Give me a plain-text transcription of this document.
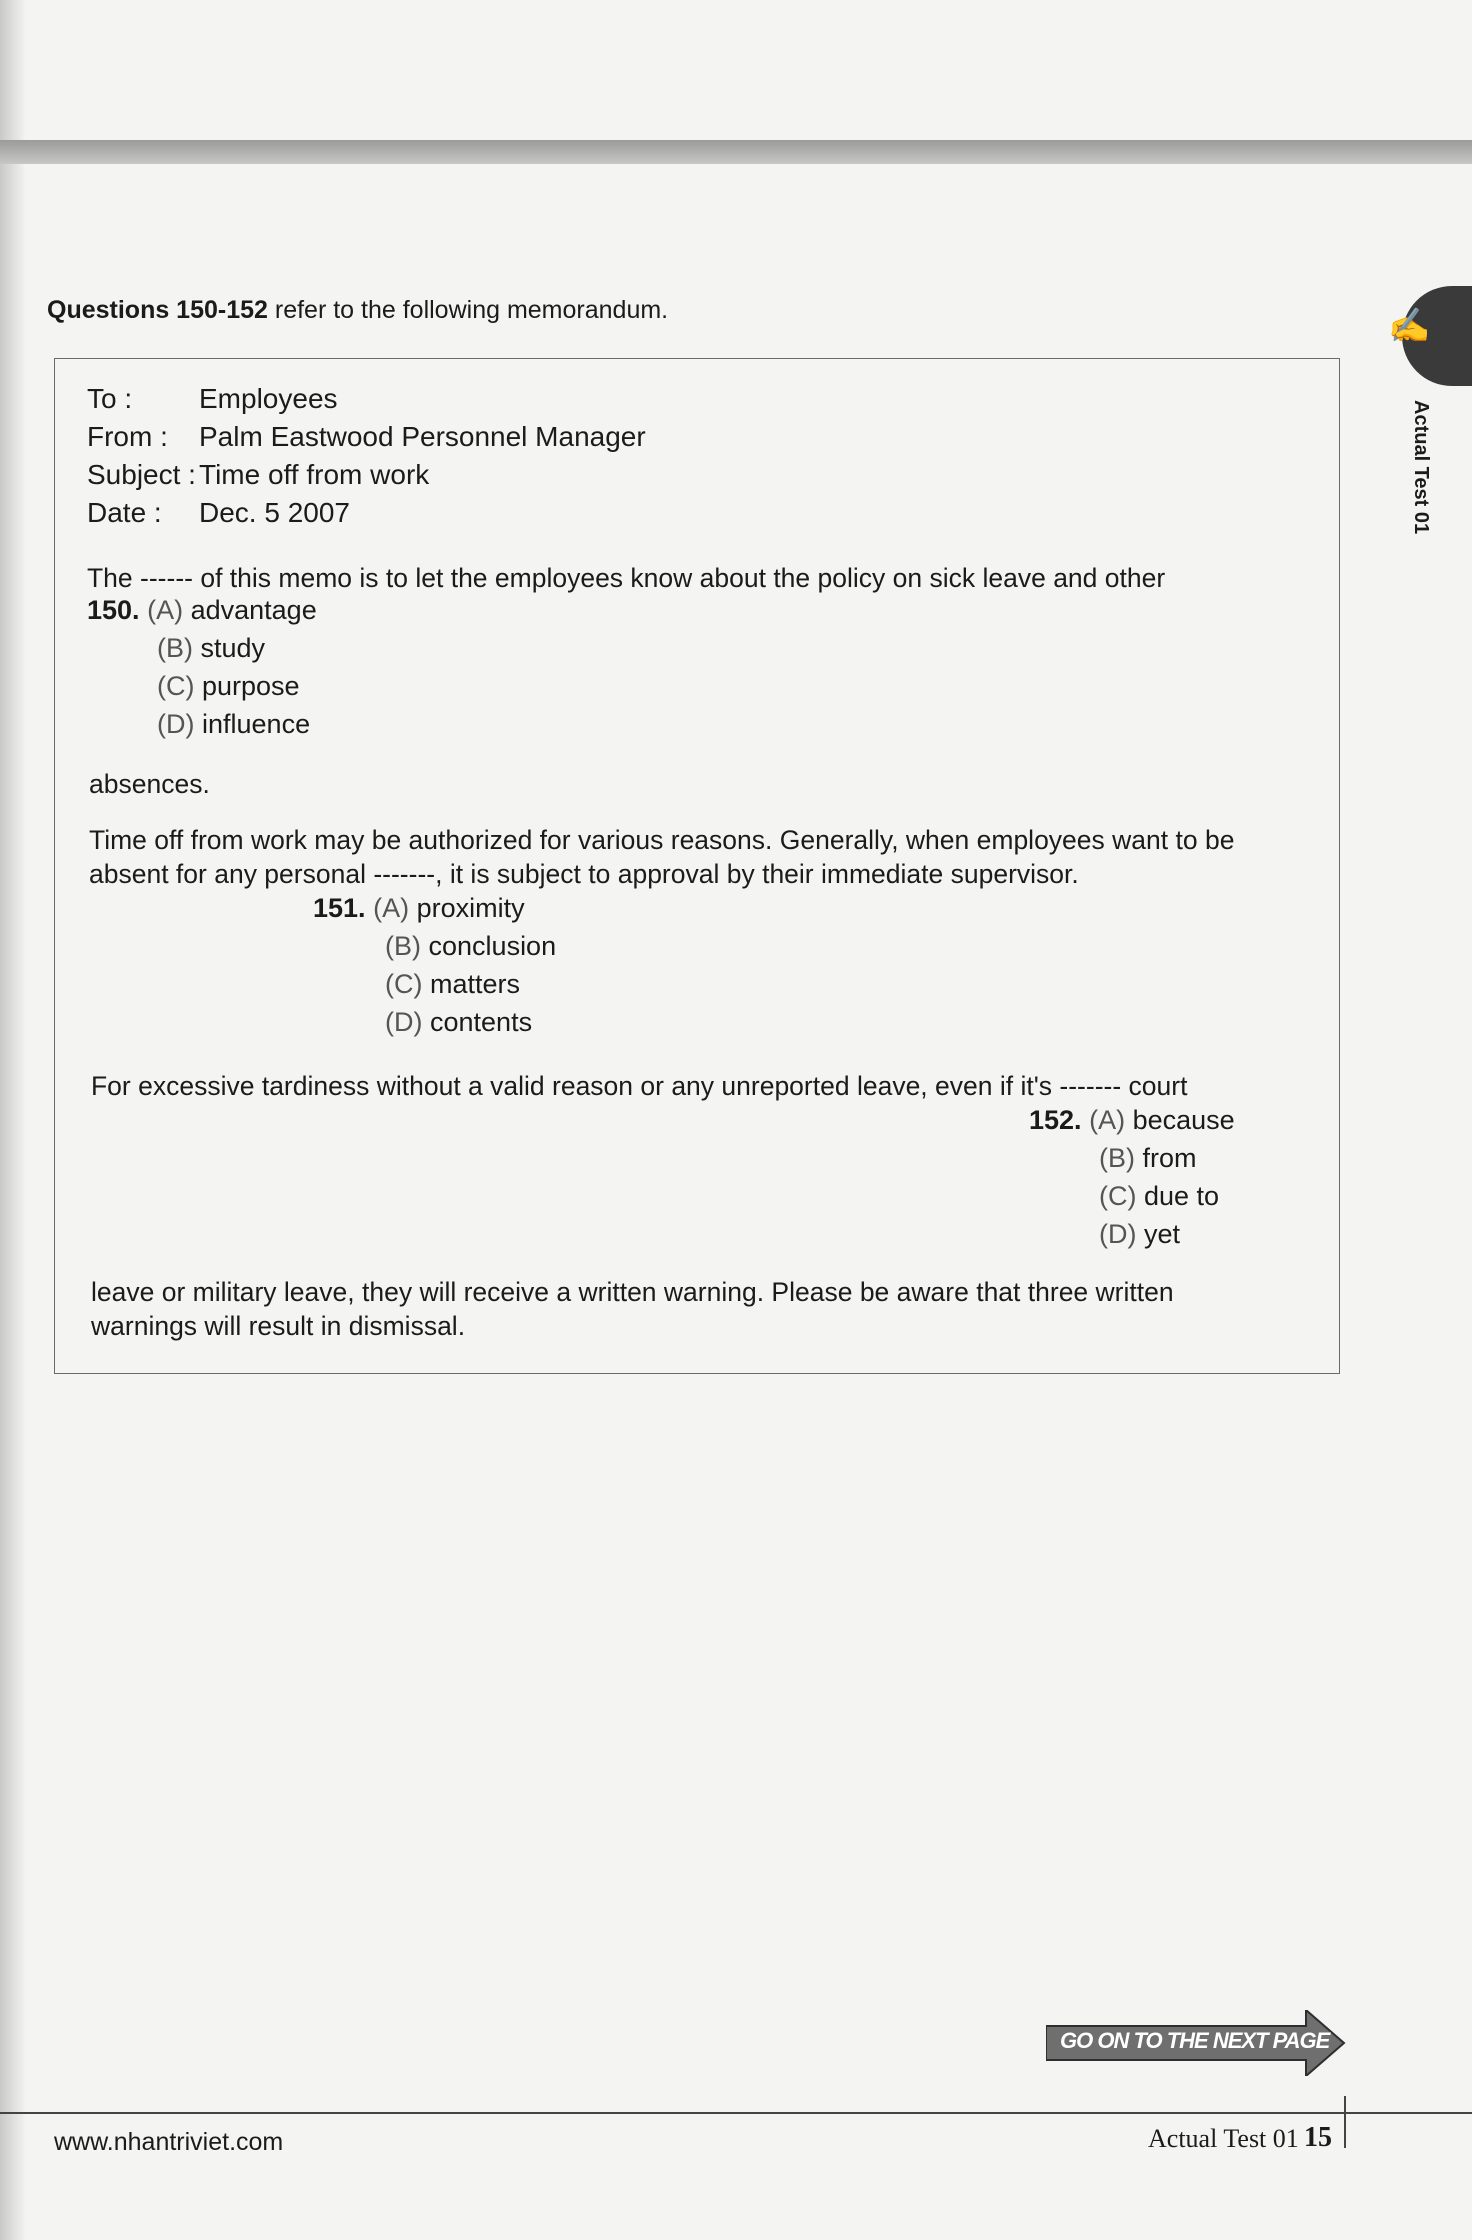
Questions 150-152 refer to the following memorandum.	✍
Actual Test 01
To : Employees
From : Palm Eastwood Personnel Manager
Subject : Time off from work
Date : Dec. 5 2007
The ------ of this memo is to let the employees know about the policy on sick leave and other
150. (A) advantage
(B) study
(C) purpose
(D) influence
absences.
Time off from work may be authorized for various reasons. Generally, when employees want to be
absent for any personal -------, it is subject to approval by their immediate supervisor.
151. (A) proximity
(B) conclusion
(C) matters
(D) contents
For excessive tardiness without a valid reason or any unreported leave, even if it's ------- court
152. (A) because
(B) from
(C) due to
(D) yet
leave or military leave, they will receive a written warning. Please be aware that three written
warnings will result in dismissal.
GO ON TO THE NEXT PAGE
www.nhantriviet.com	Actual Test 01 15
